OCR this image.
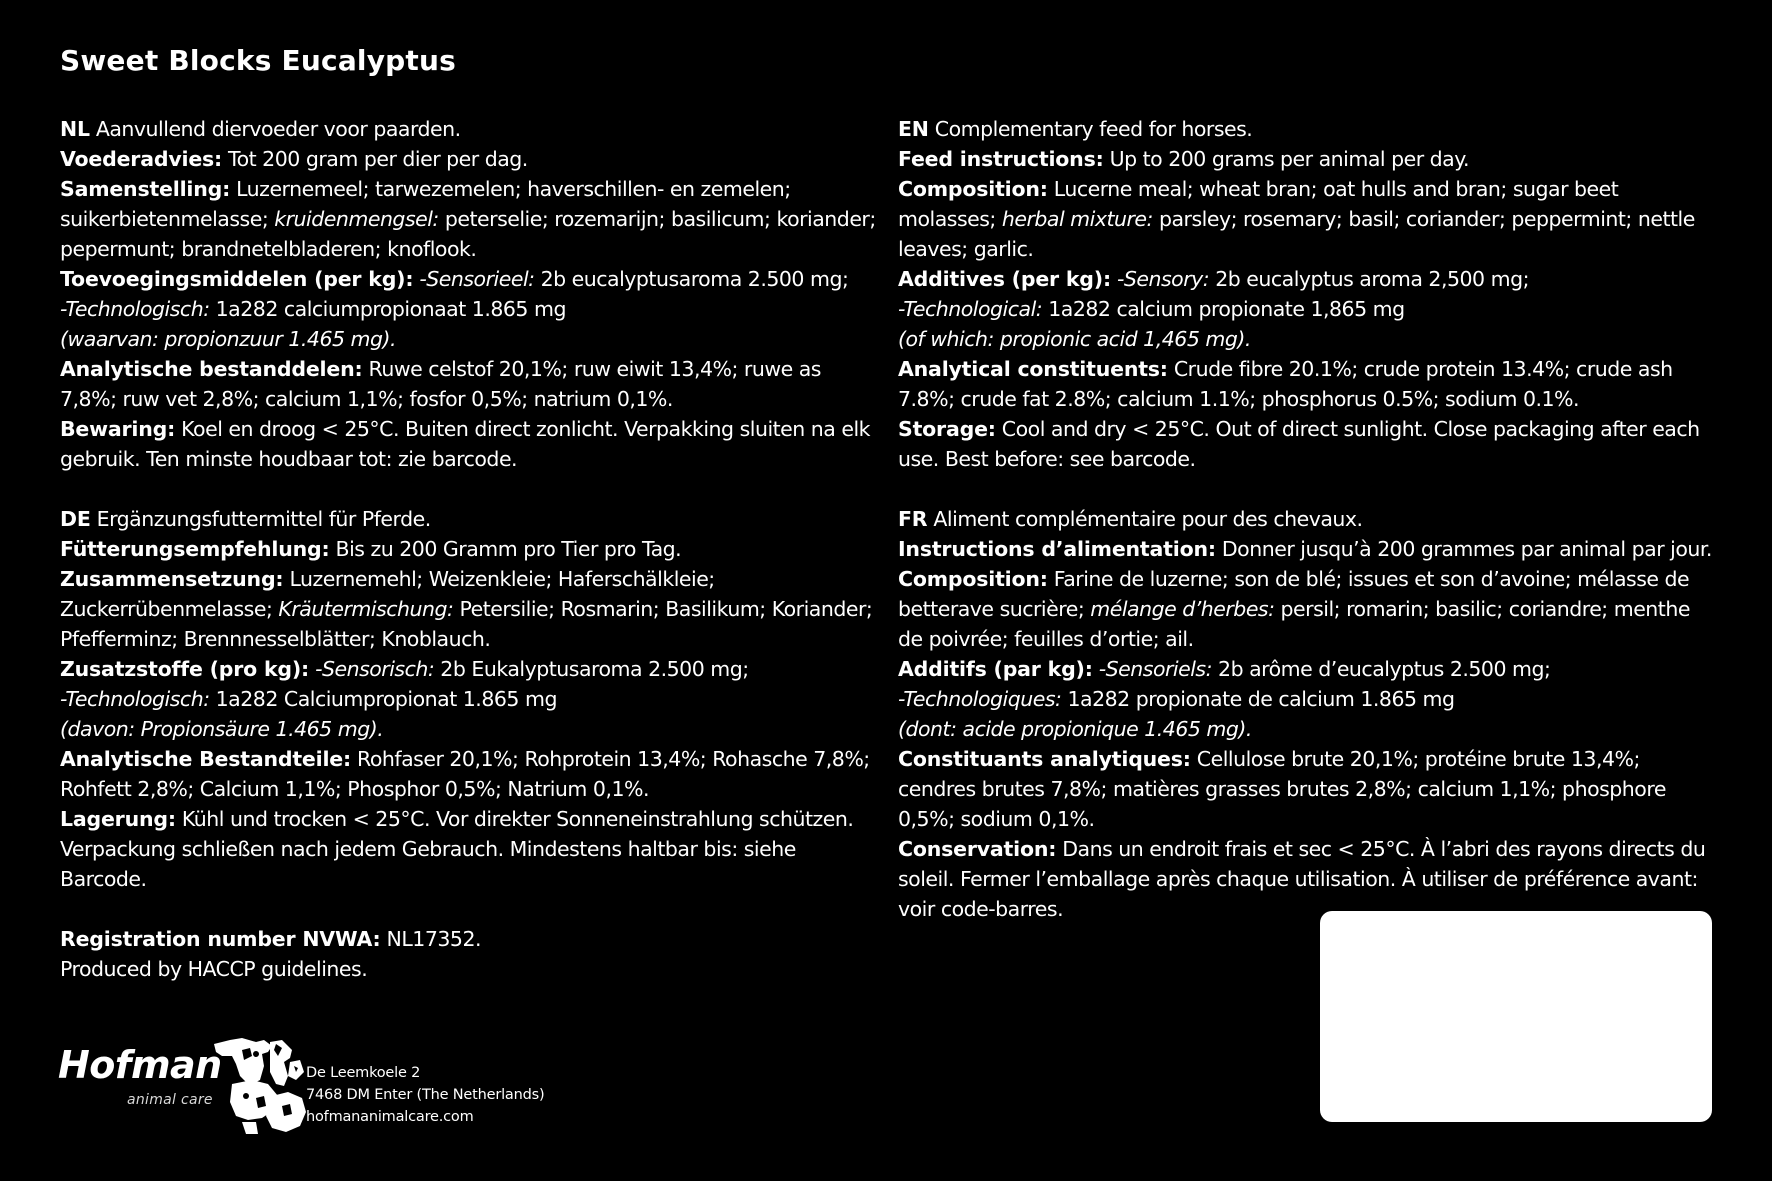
Sweet Blocks Eucalyptus

NL Aanvullend diervoeder voor paarden.

Voederadvies: Tot 200 gram per dier per dag.

Samenstelling: Luzernemeel; tarwezemelen; haverschillen- en zemelen; suikerbietenmelasse; kruidenmengsel: peterselie; rozemarijn; basilicum; koriander; pepermunt; brandnetelbladeren; knoflook.

Toevoegingsmiddelen (per kg): -Sensorieel: 2b eucalyptusaroma 2.500 mg;
-Technologisch: 1a282 calciumpropionaat 1.865 mg
(waarvan: propionzuur 1.465 mg).

Analytische bestanddelen: Ruwe celstof 20,1%; ruw eiwit 13,4%; ruwe as 7,8%; ruw vet 2,8%; calcium 1,1%; fosfor 0,5%; natrium 0,1%.

Bewaring: Koel en droog < 25°C. Buiten direct zonlicht. Verpakking sluiten na elk gebruik. Ten minste houdbaar tot: zie barcode.

DE Ergänzungsfuttermittel für Pferde.

Fütterungsempfehlung: Bis zu 200 Gramm pro Tier pro Tag.

Zusammensetzung: Luzernemehl; Weizenkleie; Haferschälkleie; Zuckerrübenmelasse; Kräutermischung: Petersilie; Rosmarin; Basilikum; Koriander; Pfefferminz; Brennnesselblätter; Knoblauch.

Zusatzstoffe (pro kg): -Sensorisch: 2b Eukalyptusaroma 2.500 mg;
-Technologisch: 1a282 Calciumpropionat 1.865 mg
(davon: Propionsäure 1.465 mg).

Analytische Bestandteile: Rohfaser 20,1%; Rohprotein 13,4%; Rohasche 7,8%; Rohfett 2,8%; Calcium 1,1%; Phosphor 0,5%; Natrium 0,1%.

Lagerung: Kühl und trocken < 25°C. Vor direkter Sonneneinstrahlung schützen. Verpackung schließen nach jedem Gebrauch. Mindestens haltbar bis: siehe Barcode.

Registration number NVWA: NL17352.

Produced by HACCP guidelines.

EN Complementary feed for horses.

Feed instructions: Up to 200 grams per animal per day.

Composition: Lucerne meal; wheat bran; oat hulls and bran; sugar beet molasses; herbal mixture: parsley; rosemary; basil; coriander; peppermint; nettle leaves; garlic.

Additives (per kg): -Sensory: 2b eucalyptus aroma 2,500 mg;
-Technological: 1a282 calcium propionate 1,865 mg
(of which: propionic acid 1,465 mg).

Analytical constituents: Crude fibre 20.1%; crude protein 13.4%; crude ash 7.8%; crude fat 2.8%; calcium 1.1%; phosphorus 0.5%; sodium 0.1%.

Storage: Cool and dry < 25°C. Out of direct sunlight. Close packaging after each use. Best before: see barcode.

FR Aliment complémentaire pour des chevaux.

Instructions d’alimentation: Donner jusqu’à 200 grammes par animal par jour.

Composition: Farine de luzerne; son de blé; issues et son d’avoine; mélasse de betterave sucrière; mélange d’herbes: persil; romarin; basilic; coriandre; menthe de poivrée; feuilles d’ortie; ail.

Additifs (par kg): -Sensoriels: 2b arôme d’eucalyptus 2.500 mg;
-Technologiques: 1a282 propionate de calcium 1.865 mg
(dont: acide propionique 1.465 mg).

Constituants analytiques: Cellulose brute 20,1%; protéine brute 13,4%; cendres brutes 7,8%; matières grasses brutes 2,8%; calcium 1,1%; phosphore 0,5%; sodium 0,1%.

Conservation: Dans un endroit frais et sec < 25°C. À l’abri des rayons directs du soleil. Fermer l’emballage après chaque utilisation. À utiliser de préférence avant: voir code-barres.

Hofman
animal care
De Leemkoele 2
7468 DM Enter (The Netherlands)
hofmananimalcare.com
